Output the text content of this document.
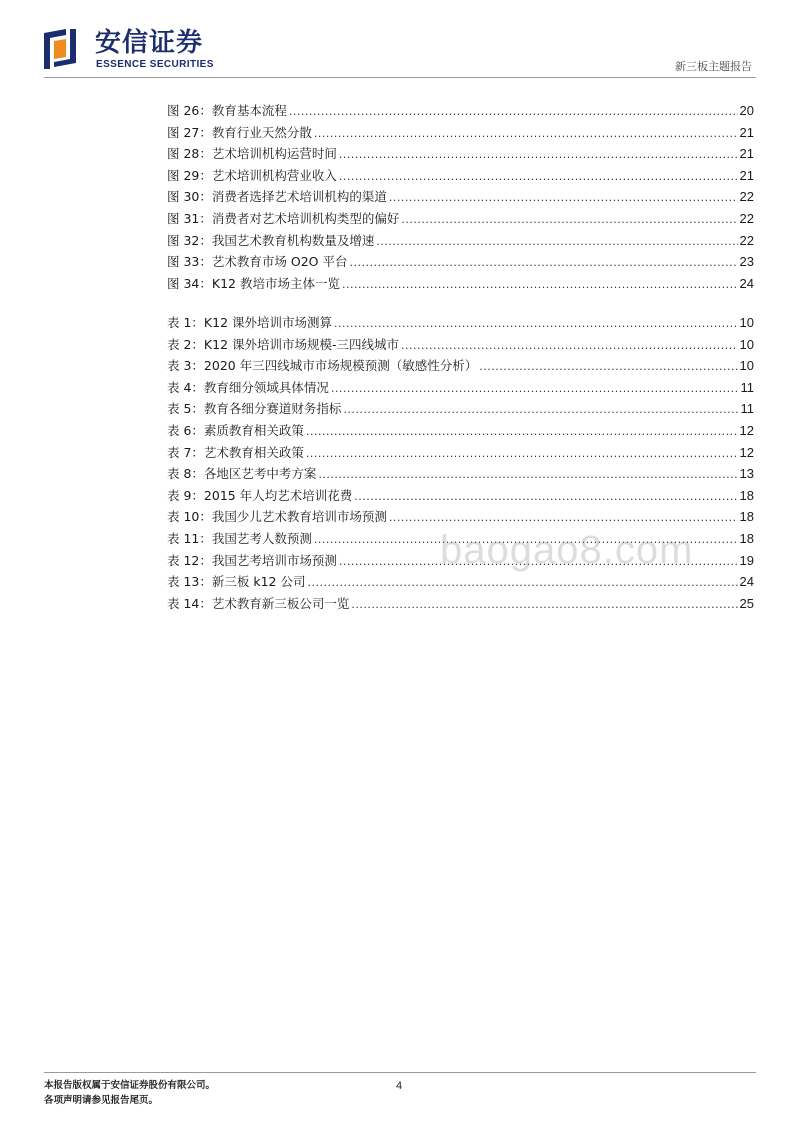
安信证券
ESSENCE SECURITIES	新三板主题报告
图 26：教育基本流程 .....	20
图 27：教育行业天然分散 .....	21
图 28：艺术培训机构运营时间 .....	21
图 29：艺术培训机构营业收入 .....	21
图 30：消费者选择艺术培训机构的渠道 .....	22
图 31：消费者对艺术培训机构类型的偏好 .....	22
图 32：我国艺术教育机构数量及增速 .....	22
图 33：艺术教育市场 O2O 平台 .....	23
图 34：K12 教培市场主体一览 .....	24
表 1：K12 课外培训市场测算 .....	10
表 2：K12 课外培训市场规模-三四线城市 .....	10
表 3：2020 年三四线城市市场规模预测（敏感性分析） .....	10
表 4：教育细分领域具体情况 .....	11
表 5：教育各细分赛道财务指标 .....	11
表 6：素质教育相关政策 .....	12
表 7：艺术教育相关政策 .....	12
表 8：各地区艺考中考方案 .....	13
表 9：2015 年人均艺术培训花费 .....	18
表 10：我国少儿艺术教育培训市场预测 .....	18
表 11：我国艺考人数预测 .....	18
表 12：我国艺考培训市场预测 .....	19
表 13：新三板 k12 公司 .....	24
表 14：艺术教育新三板公司一览 .....	25
baogao8.com
本报告版权属于安信证券股份有限公司。
各项声明请参见报告尾页。
4
